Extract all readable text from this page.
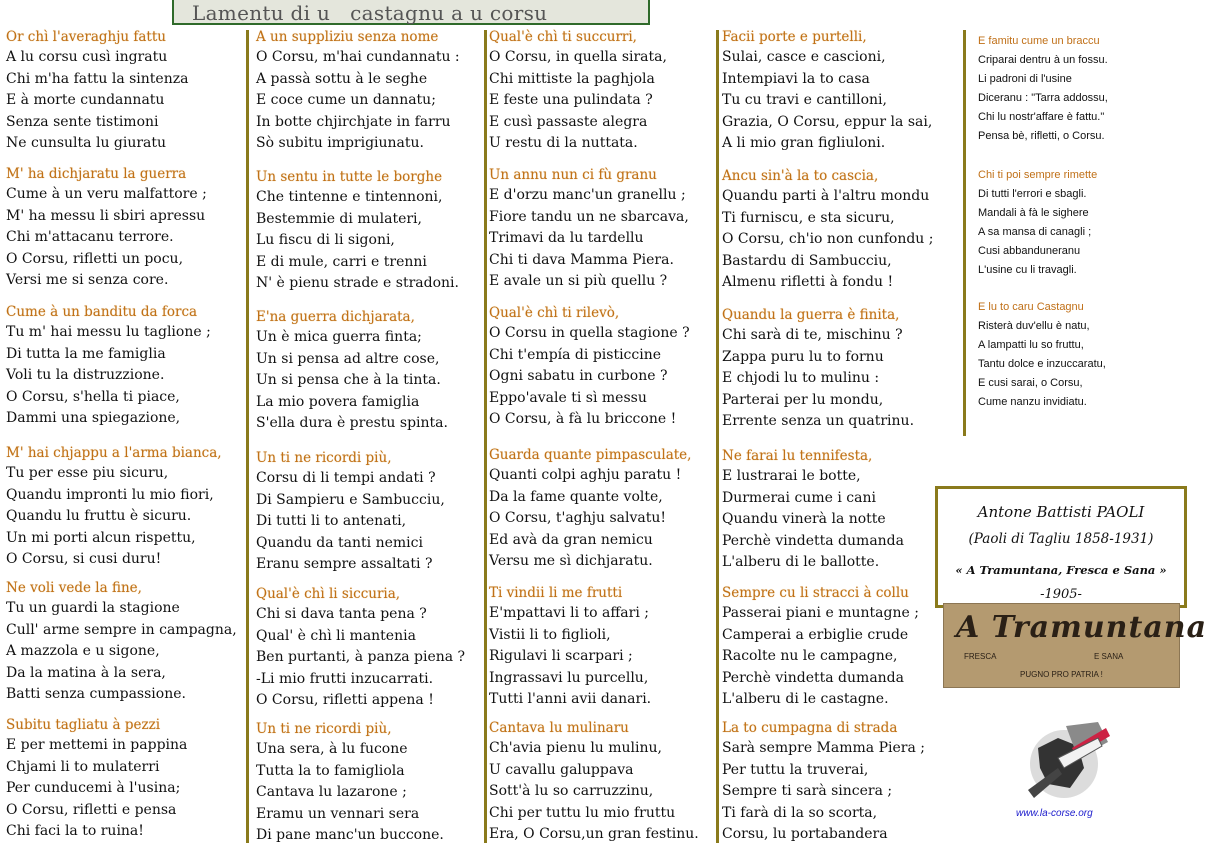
Lamentu di u   castagnu a u corsu
Or chì l'averaghju fattu
A lu corsu cusì ingratu
Chi m'ha fattu la sintenza
E à morte cundannatu
Senza sente tistimoni
Ne cunsulta lu giuratu
M' ha dichjaratu la guerra
Cume à un veru malfattore ;
M' ha messu li sbiri apressu
Chi m'attacanu terrore.
O Corsu, rifletti un pocu,
Versi me si senza core.
Cume à un banditu da forca
Tu m' hai messu lu taglione ;
Di tutta la me famiglia
Voli tu la distruzzione.
O Corsu, s'hella ti piace,
Dammi una spiegazione,
M' hai chjappu a l'arma bianca,
Tu per esse piu sicuru,
Quandu impronti lu mio fiori,
Quandu lu fruttu è sicuru.
Un mi porti alcun rispettu,
O Corsu, si cusi duru!
Ne voli vede la fine,
Tu un guardi la stagione
Cull' arme sempre in campagna,
A mazzola e u sigone,
Da la matina à la sera,
Batti senza cumpassione.
Subitu tagliatu à pezzi
E per mettemi in pappina
Chjami li to mulaterri
Per cunducemi à l'usina;
O Corsu, rifletti e pensa
Chi faci la to ruina!
A un suppliziu senza nome
O Corsu, m'hai cundannatu :
A passà sottu à le seghe
E coce cume un dannatu;
In botte chjirchjate in farru
Sò subitu imprigiunatu.
Un sentu in tutte le borghe
Che tintenne e tintennoni,
Bestemmie di mulateri,
Lu fiscu di li sigoni,
E di mule, carri e trenni
N' è pienu strade e stradoni.
E'na guerra dichjarata,
Un è mica guerra finta;
Un si pensa ad altre cose,
Un si pensa che à la tinta.
La mio povera famiglia
S'ella dura è prestu spinta.
Un ti ne ricordi più,
Corsu di li tempi andati ?
Di Sampieru e Sambucciu,
Di tutti li to antenati,
Quandu da tanti nemici
Eranu sempre assaltati ?
Qual'è chì li siccuria,
Chi si dava tanta pena ?
Qual' è chì li mantenia
Ben purtanti, à panza piena ?
-Li mio frutti inzucarrati.
O Corsu, rifletti appena !
Un ti ne ricordi più,
Una sera, à lu fucone
Tutta la to famigliola
Cantava lu lazarone ;
Eramu un vennari sera
Di pane manc'un buccone.
Qual'è chì ti succurri,
O Corsu, in quella sirata,
Chi mittiste la paghjola
E feste una pulindata ?
E cusì passaste alegra
U restu di la nuttata.
Un annu nun ci fù granu
E d'orzu manc'un granellu ;
Fiore tandu un ne sbarcava,
Trimavi da lu tardellu
Chi ti dava Mamma Piera.
E avale un si più quellu ?
Qual'è chì ti rilevò,
O Corsu in quella stagione ?
Chi t'empía di pisticcine
Ogni sabatu in curbone ?
Eppo'avale ti sì messu
O Corsu, à fà lu briccone !
Guarda quante pimpasculate,
Quanti colpi aghju paratu !
Da la fame quante volte,
O Corsu, t'aghju salvatu!
Ed avà da gran nemicu
Versu me sì dichjaratu.
Ti vindii li me frutti
E'mpattavi li to affari ;
Vistii li to figlioli,
Rigulavi li scarpari ;
Ingrassavi lu purcellu,
Tutti l'anni avii danari.
Cantava lu mulinaru
Ch'avia pienu lu mulinu,
U cavallu galuppava
Sott'à lu so carruzzinu,
Chi per tuttu lu mio fruttu
Era, O Corsu,un gran festinu.
Facii porte e purtelli,
Sulai, casce e cascioni,
Intempiavi la to casa
Tu cu travi e cantilloni,
Grazia, O Corsu, eppur la sai,
A li mio gran figliuloni.
Ancu sin'à la to cascia,
Quandu parti à l'altru mondu
Ti furniscu, e sta sicuru,
O Corsu, ch'io non cunfondu ;
Bastardu di Sambucciu,
Almenu rifletti à fondu !
Quandu la guerra è finita,
Chi sarà di te, mischinu ?
Zappa puru lu to fornu
E chjodi lu to mulinu :
Parterai per lu mondu,
Errente senza un quatrinu.
Ne farai lu tennifesta,
E lustrarai le botte,
Durmerai cume i cani
Quandu vinerà la notte
Perchè vindetta dumanda
L'alberu di le ballotte.
Sempre cu li stracci à collu
Passerai piani e muntagne ;
Camperai a erbiglie crude
Racolte nu le campagne,
Perchè vindetta dumanda
L'alberu di le castagne.
La to cumpagna di strada
Sarà sempre Mamma Piera ;
Per tuttu la truverai,
Sempre ti sarà sincera ;
Ti farà di la so scorta,
Corsu, lu portabandera
E famitu cume un braccu
Criparai dentru à un fossu.
Li padroni di l'usine
Diceranu : "Tarra addossu,
Chi lu nostr'affare è fattu."
Pensa bè, rifletti, o Corsu.
Chi ti poi sempre rimette
Di tutti l'errori e sbagli.
Mandali à fà le sighere
A sa mansa di canagli ;
Cusi abbanduneranu
L'usine cu li travagli.
E lu to caru Castagnu
Risterà duv'ellu è natu,
A lampatti lu so fruttu,
Tantu dolce e inzuccaratu,
E cusi sarai, o Corsu,
Cume nanzu invidiatu.
Antone Battisti PAOLI
(Paoli di Tagliu 1858-1931)
« A Tramuntana, Fresca e Sana »
-1905-
A Tramuntana
FRESCA	E SANA
PUGNO PRO PATRIA !
www.la-corse.org
